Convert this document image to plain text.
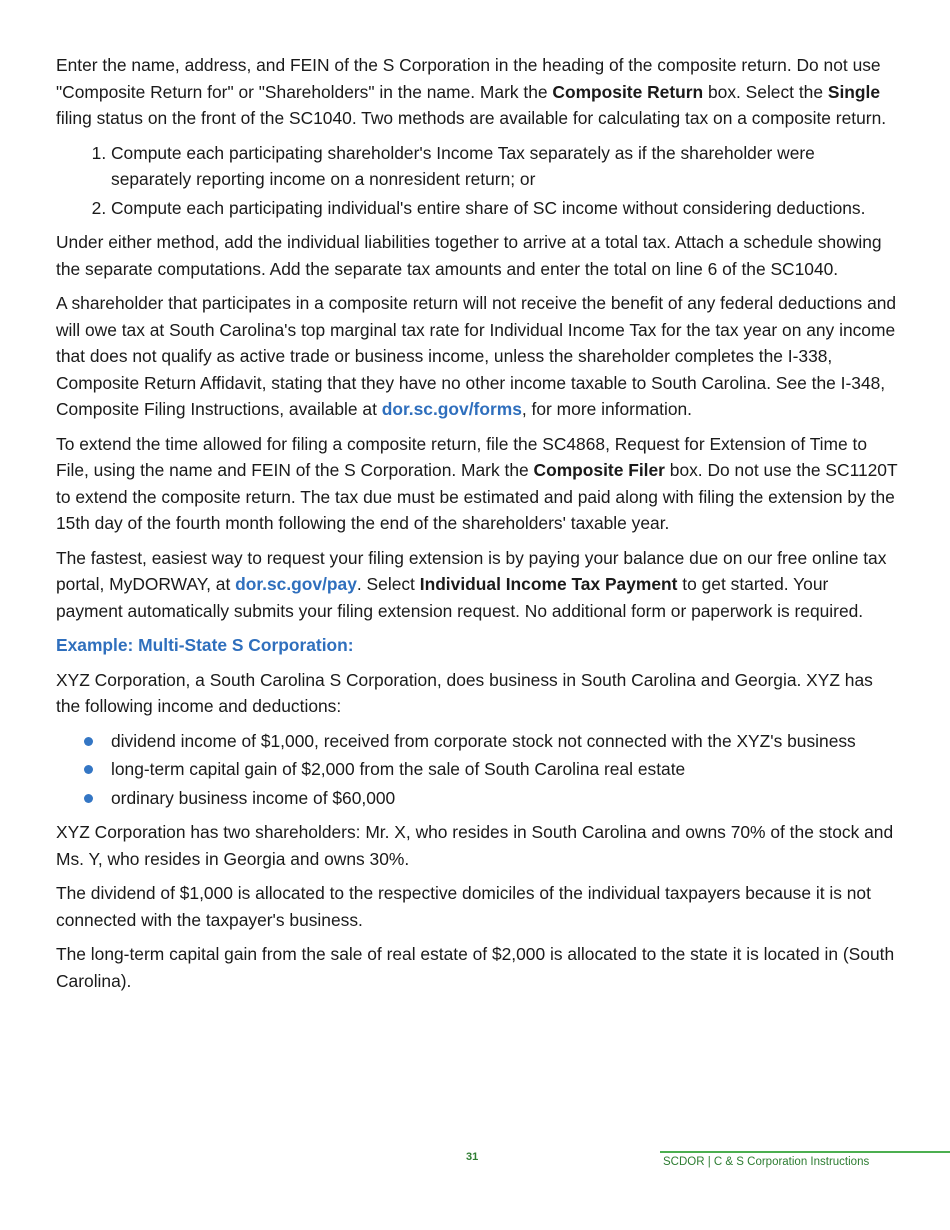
Enter the name, address, and FEIN of the S Corporation in the heading of the composite return. Do not use "Composite Return for" or "Shareholders" in the name. Mark the Composite Return box. Select the Single filing status on the front of the SC1040. Two methods are available for calculating tax on a composite return.

1. Compute each participating shareholder's Income Tax separately as if the shareholder were separately reporting income on a nonresident return; or
2. Compute each participating individual's entire share of SC income without considering deductions.

Under either method, add the individual liabilities together to arrive at a total tax. Attach a schedule showing the separate computations. Add the separate tax amounts and enter the total on line 6 of the SC1040.

A shareholder that participates in a composite return will not receive the benefit of any federal deductions and will owe tax at South Carolina's top marginal tax rate for Individual Income Tax for the tax year on any income that does not qualify as active trade or business income, unless the shareholder completes the I-338, Composite Return Affidavit, stating that they have no other income taxable to South Carolina. See the I-348, Composite Filing Instructions, available at dor.sc.gov/forms, for more information.

To extend the time allowed for filing a composite return, file the SC4868, Request for Extension of Time to File, using the name and FEIN of the S Corporation. Mark the Composite Filer box. Do not use the SC1120T to extend the composite return. The tax due must be estimated and paid along with filing the extension by the 15th day of the fourth month following the end of the shareholders' taxable year.

The fastest, easiest way to request your filing extension is by paying your balance due on our free online tax portal, MyDORWAY, at dor.sc.gov/pay. Select Individual Income Tax Payment to get started. Your payment automatically submits your filing extension request. No additional form or paperwork is required.

Example: Multi-State S Corporation:

XYZ Corporation, a South Carolina S Corporation, does business in South Carolina and Georgia. XYZ has the following income and deductions:

dividend income of $1,000, received from corporate stock not connected with the XYZ's business
long-term capital gain of $2,000 from the sale of South Carolina real estate
ordinary business income of $60,000

XYZ Corporation has two shareholders: Mr. X, who resides in South Carolina and owns 70% of the stock and Ms. Y, who resides in Georgia and owns 30%.

The dividend of $1,000 is allocated to the respective domiciles of the individual taxpayers because it is not connected with the taxpayer's business.

The long-term capital gain from the sale of real estate of $2,000 is allocated to the state it is located in (South Carolina).

31	SCDOR | C & S Corporation Instructions
